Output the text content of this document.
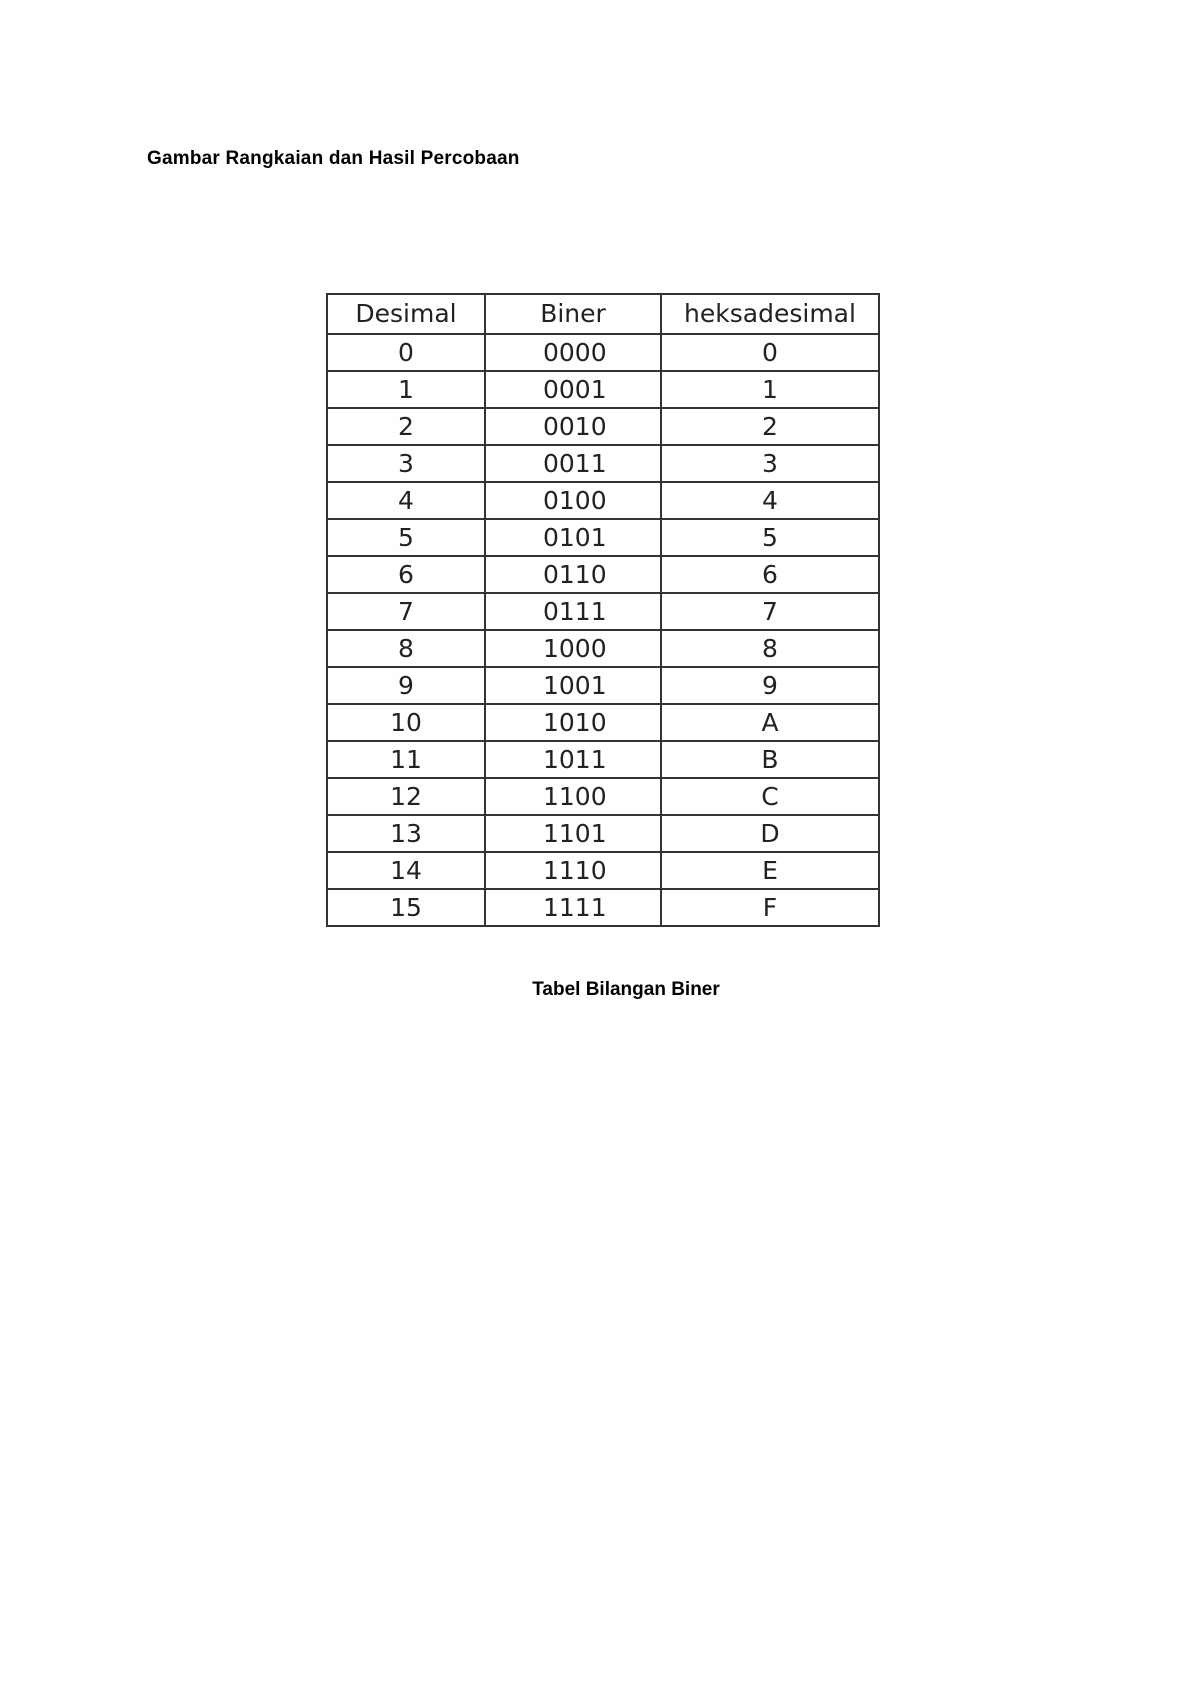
Gambar Rangkaian dan Hasil Percobaan
Desimal	Biner	heksadesimal
0	0000	0
1	0001	1
2	0010	2
3	0011	3
4	0100	4
5	0101	5
6	0110	6
7	0111	7
8	1000	8
9	1001	9
10	1010	A
11	1011	B
12	1100	C
13	1101	D
14	1110	E
15	1111	F
Tabel Bilangan Biner
